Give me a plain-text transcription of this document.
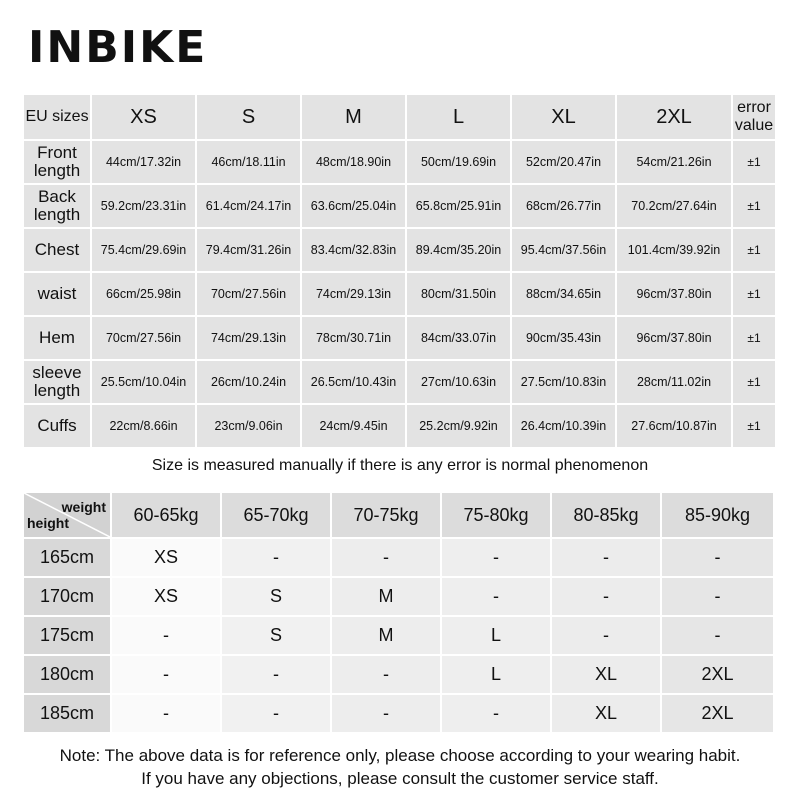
INBIKE
EU sizes	XS	S	M	L	XL	2XL	error value
Front length	44cm/17.32in	46cm/18.11in	48cm/18.90in	50cm/19.69in	52cm/20.47in	54cm/21.26in	±1
Back length	59.2cm/23.31in	61.4cm/24.17in	63.6cm/25.04in	65.8cm/25.91in	68cm/26.77in	70.2cm/27.64in	±1
Chest	75.4cm/29.69in	79.4cm/31.26in	83.4cm/32.83in	89.4cm/35.20in	95.4cm/37.56in	101.4cm/39.92in	±1
waist	66cm/25.98in	70cm/27.56in	74cm/29.13in	80cm/31.50in	88cm/34.65in	96cm/37.80in	±1
Hem	70cm/27.56in	74cm/29.13in	78cm/30.71in	84cm/33.07in	90cm/35.43in	96cm/37.80in	±1
sleeve length	25.5cm/10.04in	26cm/10.24in	26.5cm/10.43in	27cm/10.63in	27.5cm/10.83in	28cm/11.02in	±1
Cuffs	22cm/8.66in	23cm/9.06in	24cm/9.45in	25.2cm/9.92in	26.4cm/10.39in	27.6cm/10.87in	±1
Size is measured manually if there is any error is normal phenomenon
weight
height	60-65kg	65-70kg	70-75kg	75-80kg	80-85kg	85-90kg
165cm	XS	-	-	-	-	-
170cm	XS	S	M	-	-	-
175cm	-	S	M	L	-	-
180cm	-	-	-	L	XL	2XL
185cm	-	-	-	-	XL	2XL
Note: The above data is for reference only, please choose according to your wearing habit.
If you have any objections, please consult the customer service staff.
